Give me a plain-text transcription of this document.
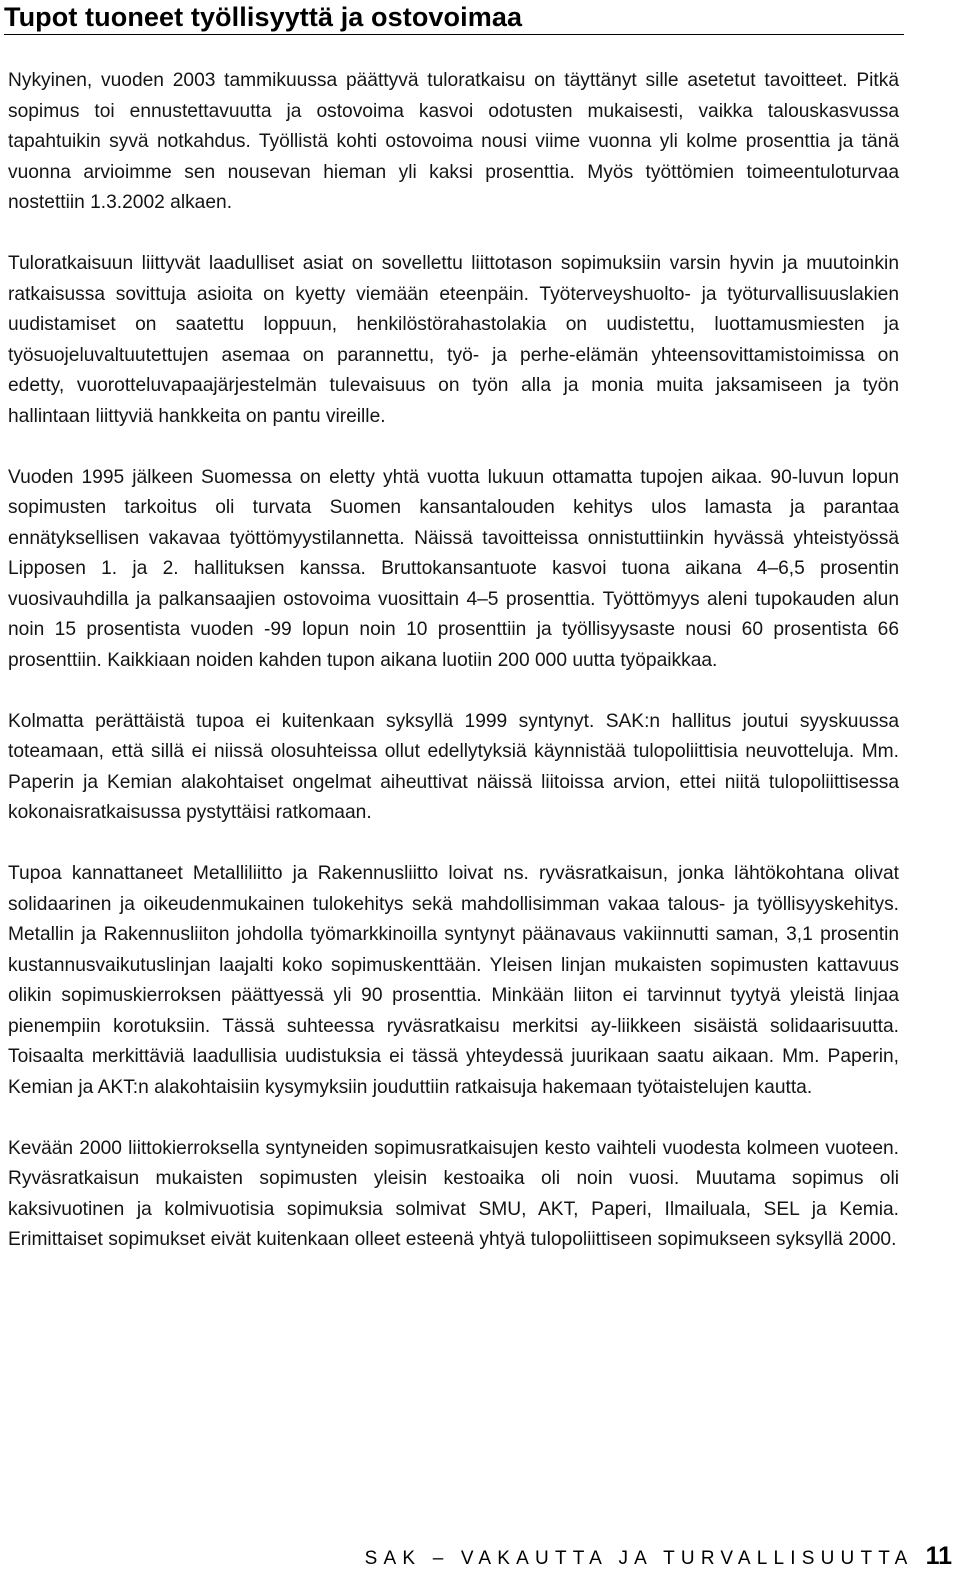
Tupot tuoneet työllisyyttä ja ostovoimaa

Nykyinen, vuoden 2003 tammikuussa päättyvä tuloratkaisu on täyttänyt sille asetetut tavoitteet. Pitkä sopimus toi ennustettavuutta ja ostovoima kasvoi odotusten mukaisesti, vaikka talouskasvussa tapahtuikin syvä notkahdus. Työllistä kohti ostovoima nousi viime vuonna yli kolme prosenttia ja tänä vuonna arvioimme sen nousevan hieman yli kaksi prosenttia. Myös työttömien toimeentuloturvaa nostettiin 1.3.2002 alkaen.

Tuloratkaisuun liittyvät laadulliset asiat on sovellettu liittotason sopimuksiin varsin hyvin ja muutoinkin ratkaisussa sovittuja asioita on kyetty viemään eteenpäin. Työterveyshuolto- ja työturvallisuuslakien uudistamiset on saatettu loppuun, henkilöstörahastolakia on uudistettu, luottamusmiesten ja työsuojeluvaltuutettujen asemaa on parannettu, työ- ja perhe-elämän yhteensovittamistoimissa on edetty, vuorotteluvapaajärjestelmän tulevaisuus on työn alla ja monia muita jaksamiseen ja työn hallintaan liittyviä hankkeita on pantu vireille.

Vuoden 1995 jälkeen Suomessa on eletty yhtä vuotta lukuun ottamatta tupojen aikaa. 90-luvun lopun sopimusten tarkoitus oli turvata Suomen kansantalouden kehitys ulos lamasta ja parantaa ennätyksellisen vakavaa työttömyystilannetta. Näissä tavoitteissa onnistuttiinkin hyvässä yhteistyössä Lipposen 1. ja 2. hallituksen kanssa. Bruttokansantuote kasvoi tuona aikana 4–6,5 prosentin vuosivauhdilla ja palkansaajien ostovoima vuosittain 4–5 prosenttia. Työttömyys aleni tupokauden alun noin 15 prosentista vuoden -99 lopun noin 10 prosenttiin ja työllisyysaste nousi 60 prosentista 66 prosenttiin. Kaikkiaan noiden kahden tupon aikana luotiin 200 000 uutta työpaikkaa.

Kolmatta perättäistä tupoa ei kuitenkaan syksyllä 1999 syntynyt. SAK:n hallitus joutui syyskuussa toteamaan, että sillä ei niissä olosuhteissa ollut edellytyksiä käynnistää tulopoliittisia neuvotteluja. Mm. Paperin ja Kemian alakohtaiset ongelmat aiheuttivat näissä liitoissa arvion, ettei niitä tulopoliittisessa kokonaisratkaisussa pystyttäisi ratkomaan.

Tupoa kannattaneet Metalliliitto ja Rakennusliitto loivat ns. ryväsratkaisun, jonka lähtökohtana olivat solidaarinen ja oikeudenmukainen tulokehitys sekä mahdollisimman vakaa talous- ja työllisyyskehitys. Metallin ja Rakennusliiton johdolla työmarkkinoilla syntynyt päänavaus vakiinnutti saman, 3,1 prosentin kustannusvaikutuslinjan laajalti koko sopimuskenttään. Yleisen linjan mukaisten sopimusten kattavuus olikin sopimuskierroksen päättyessä yli 90 prosenttia. Minkään liiton ei tarvinnut tyytyä yleistä linjaa pienempiin korotuksiin. Tässä suhteessa ryväsratkaisu merkitsi ay-liikkeen sisäistä solidaarisuutta. Toisaalta merkittäviä laadullisia uudistuksia ei tässä yhteydessä juurikaan saatu aikaan. Mm. Paperin, Kemian ja AKT:n alakohtaisiin kysymyksiin jouduttiin ratkaisuja hakemaan työtaistelujen kautta.

Kevään 2000 liittokierroksella syntyneiden sopimusratkaisujen kesto vaihteli vuodesta kolmeen vuoteen. Ryväsratkaisun mukaisten sopimusten yleisin kestoaika oli noin vuosi. Muutama sopimus oli kaksivuotinen ja kolmivuotisia sopimuksia solmivat SMU, AKT, Paperi, Ilmailuala, SEL ja Kemia. Erimittaiset sopimukset eivät kuitenkaan olleet esteenä yhtyä tulopoliittiseen sopimukseen syksyllä 2000.

SAK – VAKAUTTA JA TURVALLISUUTTA 11
